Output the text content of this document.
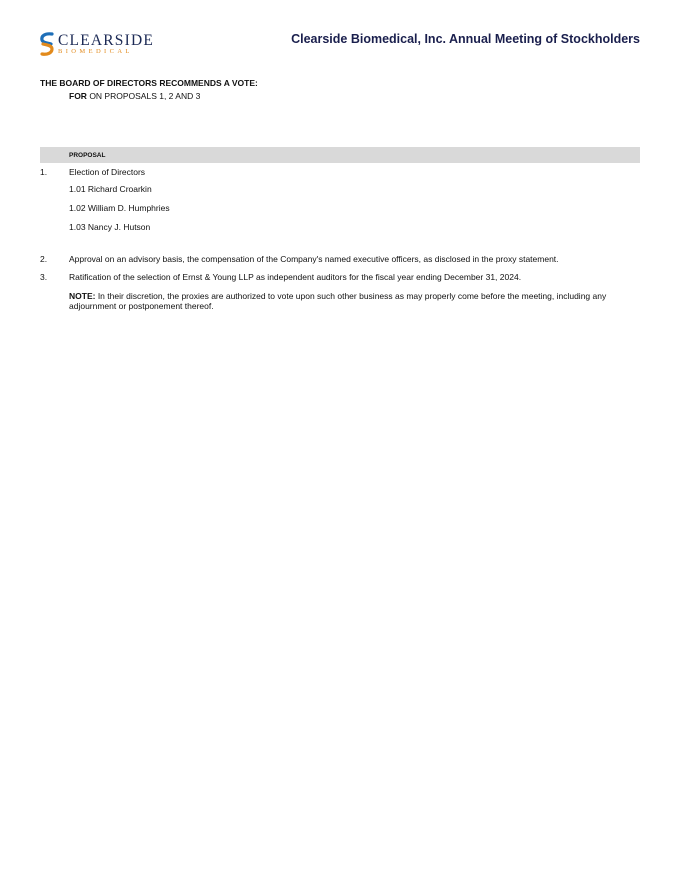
CLEARSIDE
BIOMEDICAL
Clearside Biomedical, Inc. Annual Meeting of Stockholders
THE BOARD OF DIRECTORS RECOMMENDS A VOTE:
FOR ON PROPOSALS 1, 2 AND 3
PROPOSAL
1.	Election of Directors
1.01 Richard Croarkin
1.02 William D. Humphries
1.03 Nancy J. Hutson
2.	Approval on an advisory basis, the compensation of the Company's named executive officers, as disclosed in the proxy statement.
3.	Ratification of the selection of Ernst & Young LLP as independent auditors for the fiscal year ending December 31, 2024.
NOTE: In their discretion, the proxies are authorized to vote upon such other business as may properly come before the meeting, including any adjournment or postponement thereof.
